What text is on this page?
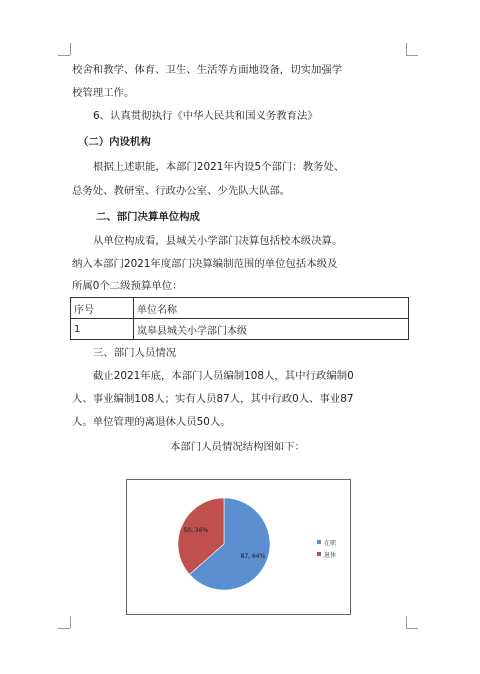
校舍和教学、体育、卫生、生活等方面地设备，切实加强学
校管理工作。
6、认真贯彻执行《中华人民共和国义务教育法》
（二）内设机构
根据上述职能，本部门2021年内设5个部门：教务处、
总务处、教研室、行政办公室、少先队大队部。
二、部门决算单位构成
从单位构成看，县城关小学部门决算包括校本级决算。
纳入本部门2021年度部门决算编制范围的单位包括本级及
所属0个二级预算单位：
序号	单位名称
1	岚皋县城关小学部门本级
三、部门人员情况
截止2021年底，本部门人员编制108人，其中行政编制0
人、事业编制108人；实有人员87人，其中行政0人、事业87
人。单位管理的离退休人员50人。
本部门人员情况结构图如下：
87, 64%
50, 36%
在职
退休
